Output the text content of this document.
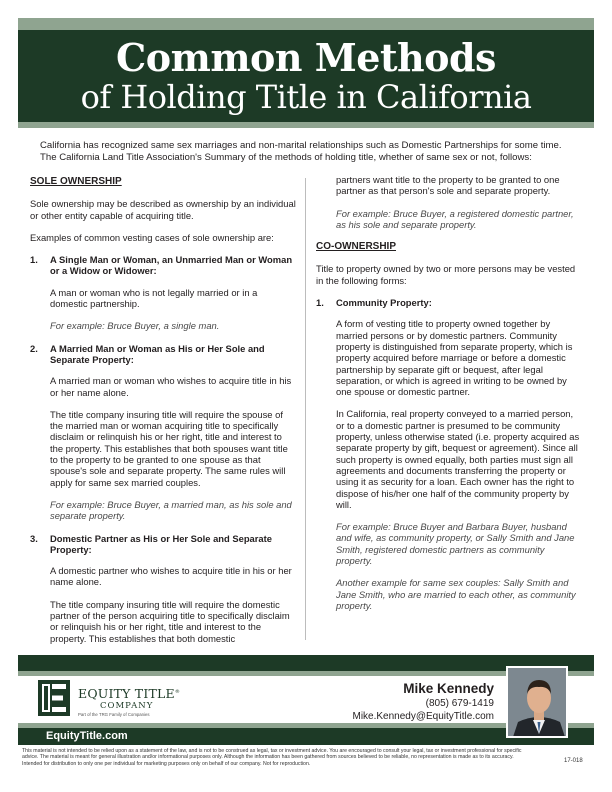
Common Methods
of Holding Title in California
California has recognized same sex marriages and non-marital relationships such as Domestic Partnerships for some time. The California Land Title Association's Summary of the methods of holding title, whether of same sex or not, follows:
SOLE OWNERSHIP
Sole ownership may be described as ownership by an individual or other entity capable of acquiring title.
Examples of common vesting cases of sole ownership are:
1.	A Single Man or Woman, an Unmarried Man or Woman or a Widow or Widower:
A man or woman who is not legally married or in a domestic partnership.
For example: Bruce Buyer, a single man.
2.	A Married Man or Woman as His or Her Sole and Separate Property:
A married man or woman who wishes to acquire title in his or her name alone.
The title company insuring title will require the spouse of the married man or woman acquiring title to specifically disclaim or relinquish his or her right, title and interest to the property. This establishes that both spouses want title to the property to be granted to one spouse as that spouse's sole and separate property. The same rules will apply for same sex married couples.
For example: Bruce Buyer, a married man, as his sole and separate property.
3.	Domestic Partner as His or Her Sole and Separate Property:
A domestic partner who wishes to acquire title in his or her name alone.
The title company insuring title will require the domestic partner of the person acquiring title to specifically disclaim or relinquish his or her right, title and interest to the property. This establishes that both domestic
partners want title to the property to be granted to one partner as that person's sole and separate property.
For example: Bruce Buyer, a registered domestic partner, as his sole and separate property.
CO-OWNERSHIP
Title to property owned by two or more persons may be vested in the following forms:
1.	Community Property:
A form of vesting title to property owned together by married persons or by domestic partners. Community property is distinguished from separate property, which is property acquired before marriage or before a domestic partnership by separate gift or bequest, after legal separation, or which is agreed in writing to be owned by one spouse or domestic partner.
In California, real property conveyed to a married person, or to a domestic partner is presumed to be community property, unless otherwise stated (i.e. property acquired as separate property by gift, bequest or agreement). Since all such property is owned equally, both parties must sign all agreements and documents transferring the property or using it as security for a loan. Each owner has the right to dispose of his/her one half of the community property by will.
For example: Bruce Buyer and Barbara Buyer, husband and wife, as community property, or Sally Smith and Jane Smith, registered domestic partners as community property.
Another example for same sex couples: Sally Smith and Jane Smith, who are married to each other, as community property.
EQUITY TITLE®
COMPANY
Part of the TRG Family of Companies
Mike Kennedy
(805) 679-1419
Mike.Kennedy@EquityTitle.com
EquityTitle.com
This material is not intended to be relied upon as a statement of the law, and is not to be construed as legal, tax or investment advice. You are encouraged to consult your legal, tax or investment professional for specific advice. The material is meant for general illustration and/or informational purposes only. Although the information has been gathered from sources believed to be reliable, no representation is made as to its accuracy. Intended for distribution to only one per individual for marketing purposes only on behalf of our company. Not for reproduction.	17-018
